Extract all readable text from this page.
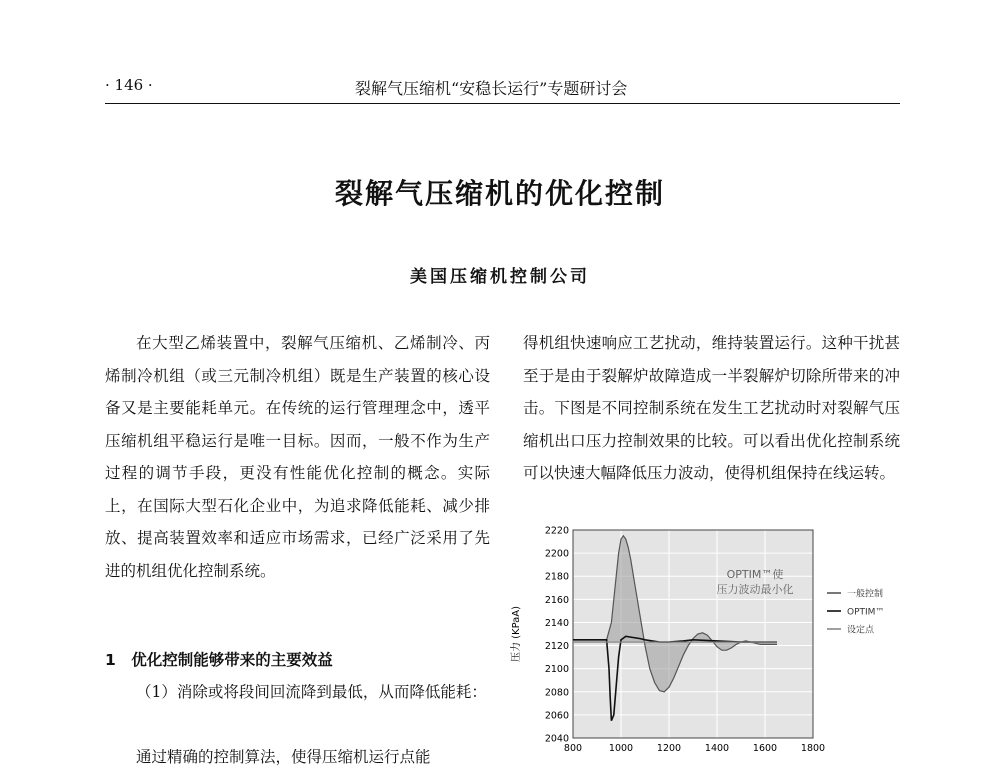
· 146 ·	裂解气压缩机“安稳长运行”专题研讨会
裂解气压缩机的优化控制
美国压缩机控制公司

在大型乙烯装置中，裂解气压缩机、乙烯制冷、丙烯制冷机组（或三元制冷机组）既是生产装置的核心设备又是主要能耗单元。在传统的运行管理理念中，透平压缩机组平稳运行是唯一目标。因而，一般不作为生产过程的调节手段，更没有性能优化控制的概念。实际上，在国际大型石化企业中，为追求降低能耗、减少排放、提高装置效率和适应市场需求，已经广泛采用了先进的机组优化控制系统。

1　优化控制能够带来的主要效益

（1）消除或将段间回流降到最低，从而降低能耗：

通过精确的控制算法，使得压缩机运行点能

得机组快速响应工艺扰动，维持装置运行。这种干扰甚至于是由于裂解炉故障造成一半裂解炉切除所带来的冲击。下图是不同控制系统在发生工艺扰动时对裂解气压缩机出口压力控制效果的比较。可以看出优化控制系统可以快速大幅降低压力波动，使得机组保持在线运转。

2040
2060
2080
2100
2120
2140
2160
2180
2200
2220
800	1000	1200	1400	1600	1800
压力 (KPaA)
OPTIM™使
压力波动最小化	一般控制
OPTIM™
设定点
